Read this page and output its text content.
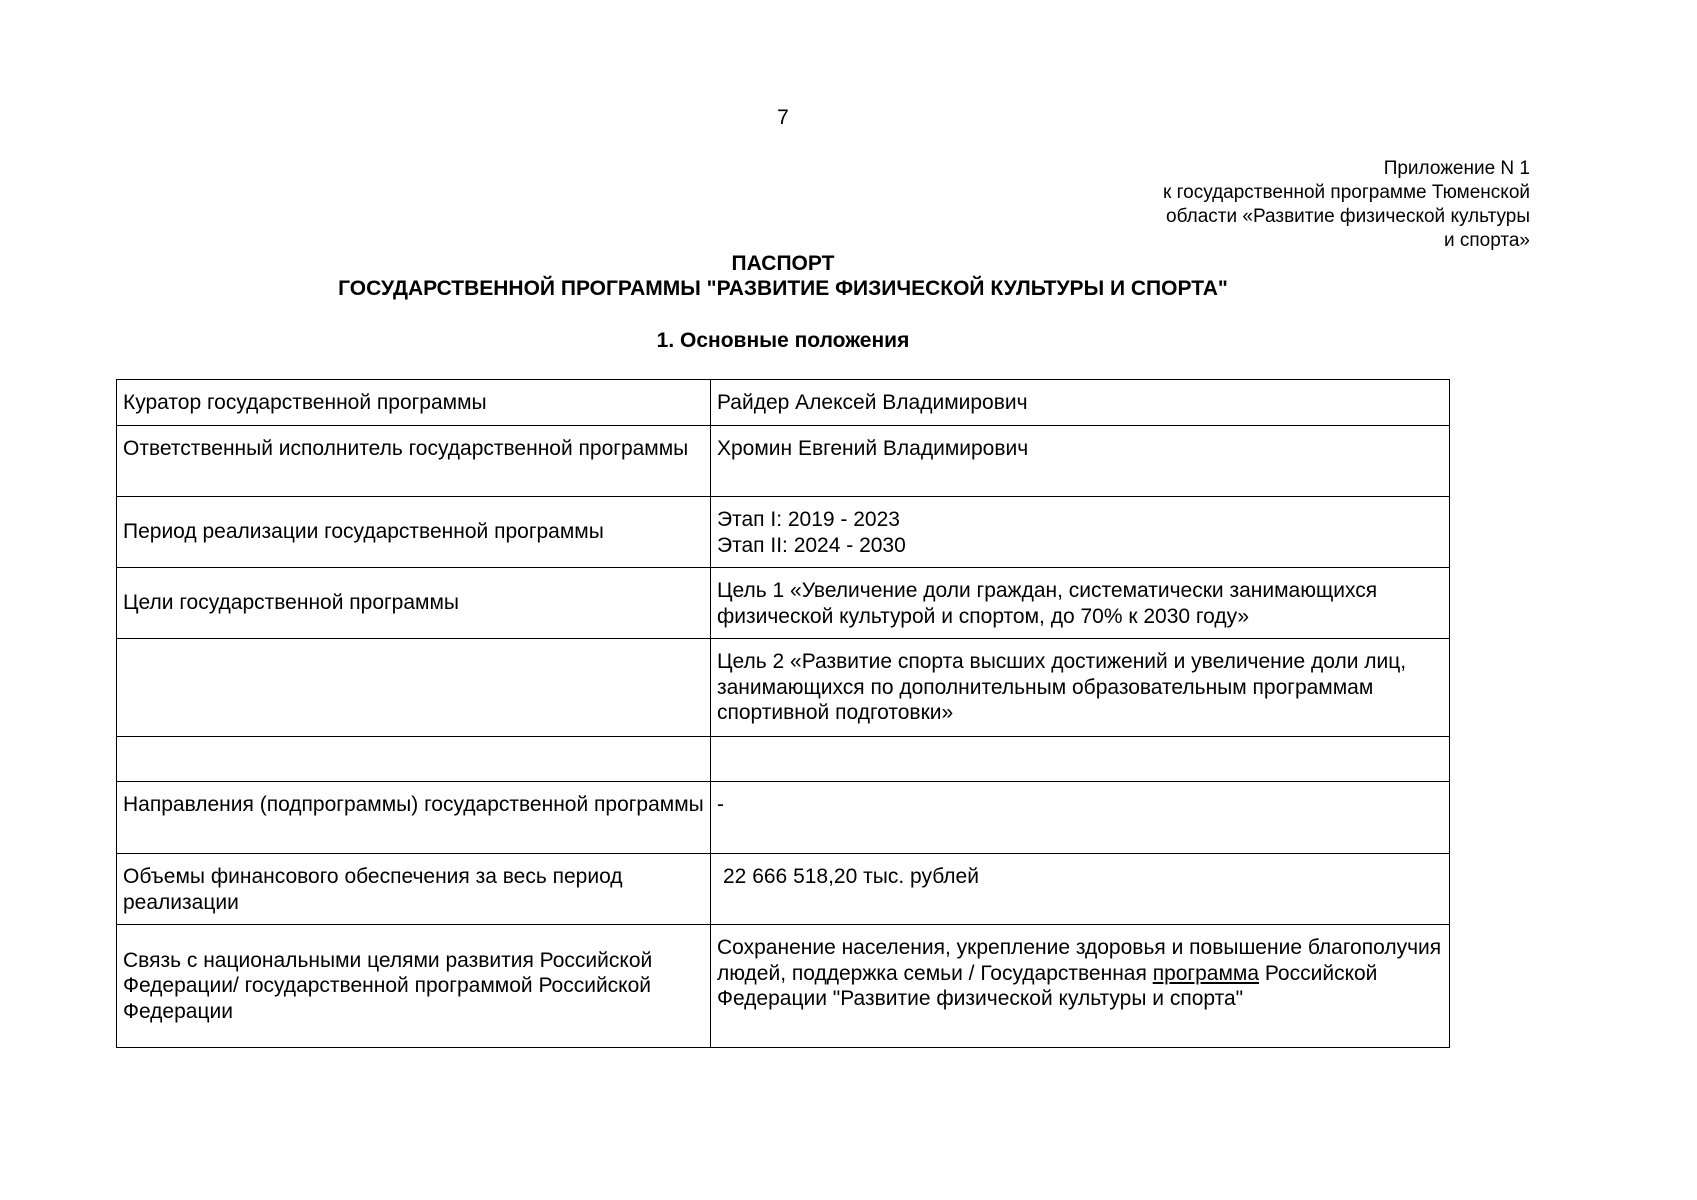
7
Приложение N 1
к государственной программе Тюменской
области «Развитие физической культуры
и спорта»
ПАСПОРТ
ГОСУДАРСТВЕННОЙ ПРОГРАММЫ "РАЗВИТИЕ ФИЗИЧЕСКОЙ КУЛЬТУРЫ И СПОРТА"
1. Основные положения
Куратор государственной программы	Райдер Алексей Владимирович
Ответственный исполнитель государственной программы	Хромин Евгений Владимирович
Период реализации государственной программы	Этап I: 2019 - 2023
Этап II: 2024 - 2030

Цели государственной программы	Цель 1 «Увеличение доли граждан, систематически занимающихся физической культурой и спортом, до 70% к 2030 году»
	Цель 2 «Развитие спорта высших достижений и увеличение доли лиц, занимающихся по дополнительным образовательным программам спортивной подготовки»

Направления (подпрограммы) государственной программы	-
Объемы финансового обеспечения за весь период реализации	22 666 518,20 тыс. рублей
Связь с национальными целями развития Российской Федерации/ государственной программой Российской Федерации	Сохранение населения, укрепление здоровья и повышение благополучия людей, поддержка семьи / Государственная программа Российской Федерации "Развитие физической культуры и спорта"
